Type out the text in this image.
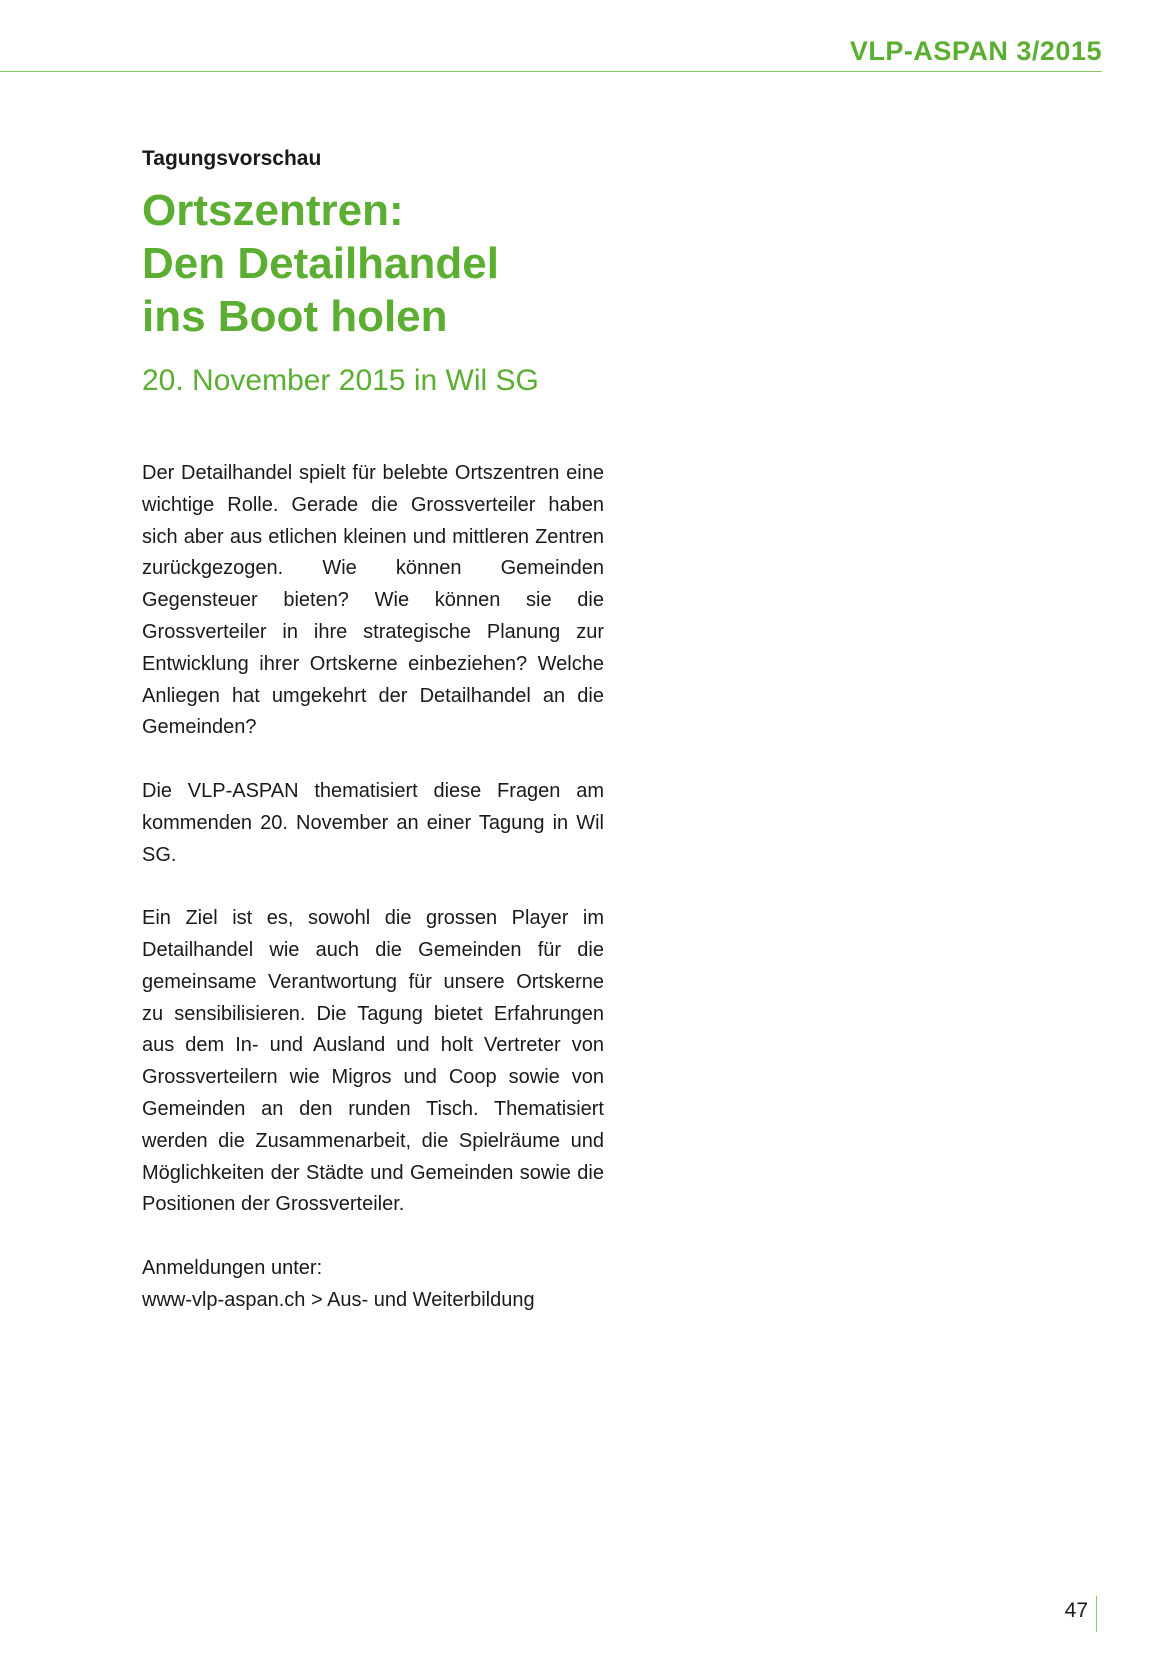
VLP-ASPAN 3/2015
Tagungsvorschau
Ortszentren:
Den Detailhandel
ins Boot holen
20. November 2015 in Wil SG

Der Detailhandel spielt für belebte Ortszentren eine wichtige Rolle. Gerade die Grossverteiler haben sich aber aus etlichen kleinen und mittleren Zentren zurückgezogen. Wie können Gemeinden Gegensteuer bieten? Wie können sie die Grossverteiler in ihre strategische Planung zur Entwicklung ihrer Ortskerne einbeziehen? Welche Anliegen hat umgekehrt der Detailhandel an die Gemeinden?

Die VLP-ASPAN thematisiert diese Fragen am kommenden 20. November an einer Tagung in Wil SG.

Ein Ziel ist es, sowohl die grossen Player im Detailhandel wie auch die Gemeinden für die gemeinsame Verantwortung für unsere Ortskerne zu sensibilisieren. Die Tagung bietet Erfahrungen aus dem In- und Ausland und holt Vertreter von Grossverteilern wie Migros und Coop sowie von Gemeinden an den runden Tisch. Thematisiert werden die Zusammenarbeit, die Spielräume und Möglichkeiten der Städte und Gemeinden sowie die Positionen der Grossverteiler.

Anmeldungen unter:
www-vlp-aspan.ch > Aus- und Weiterbildung

47
